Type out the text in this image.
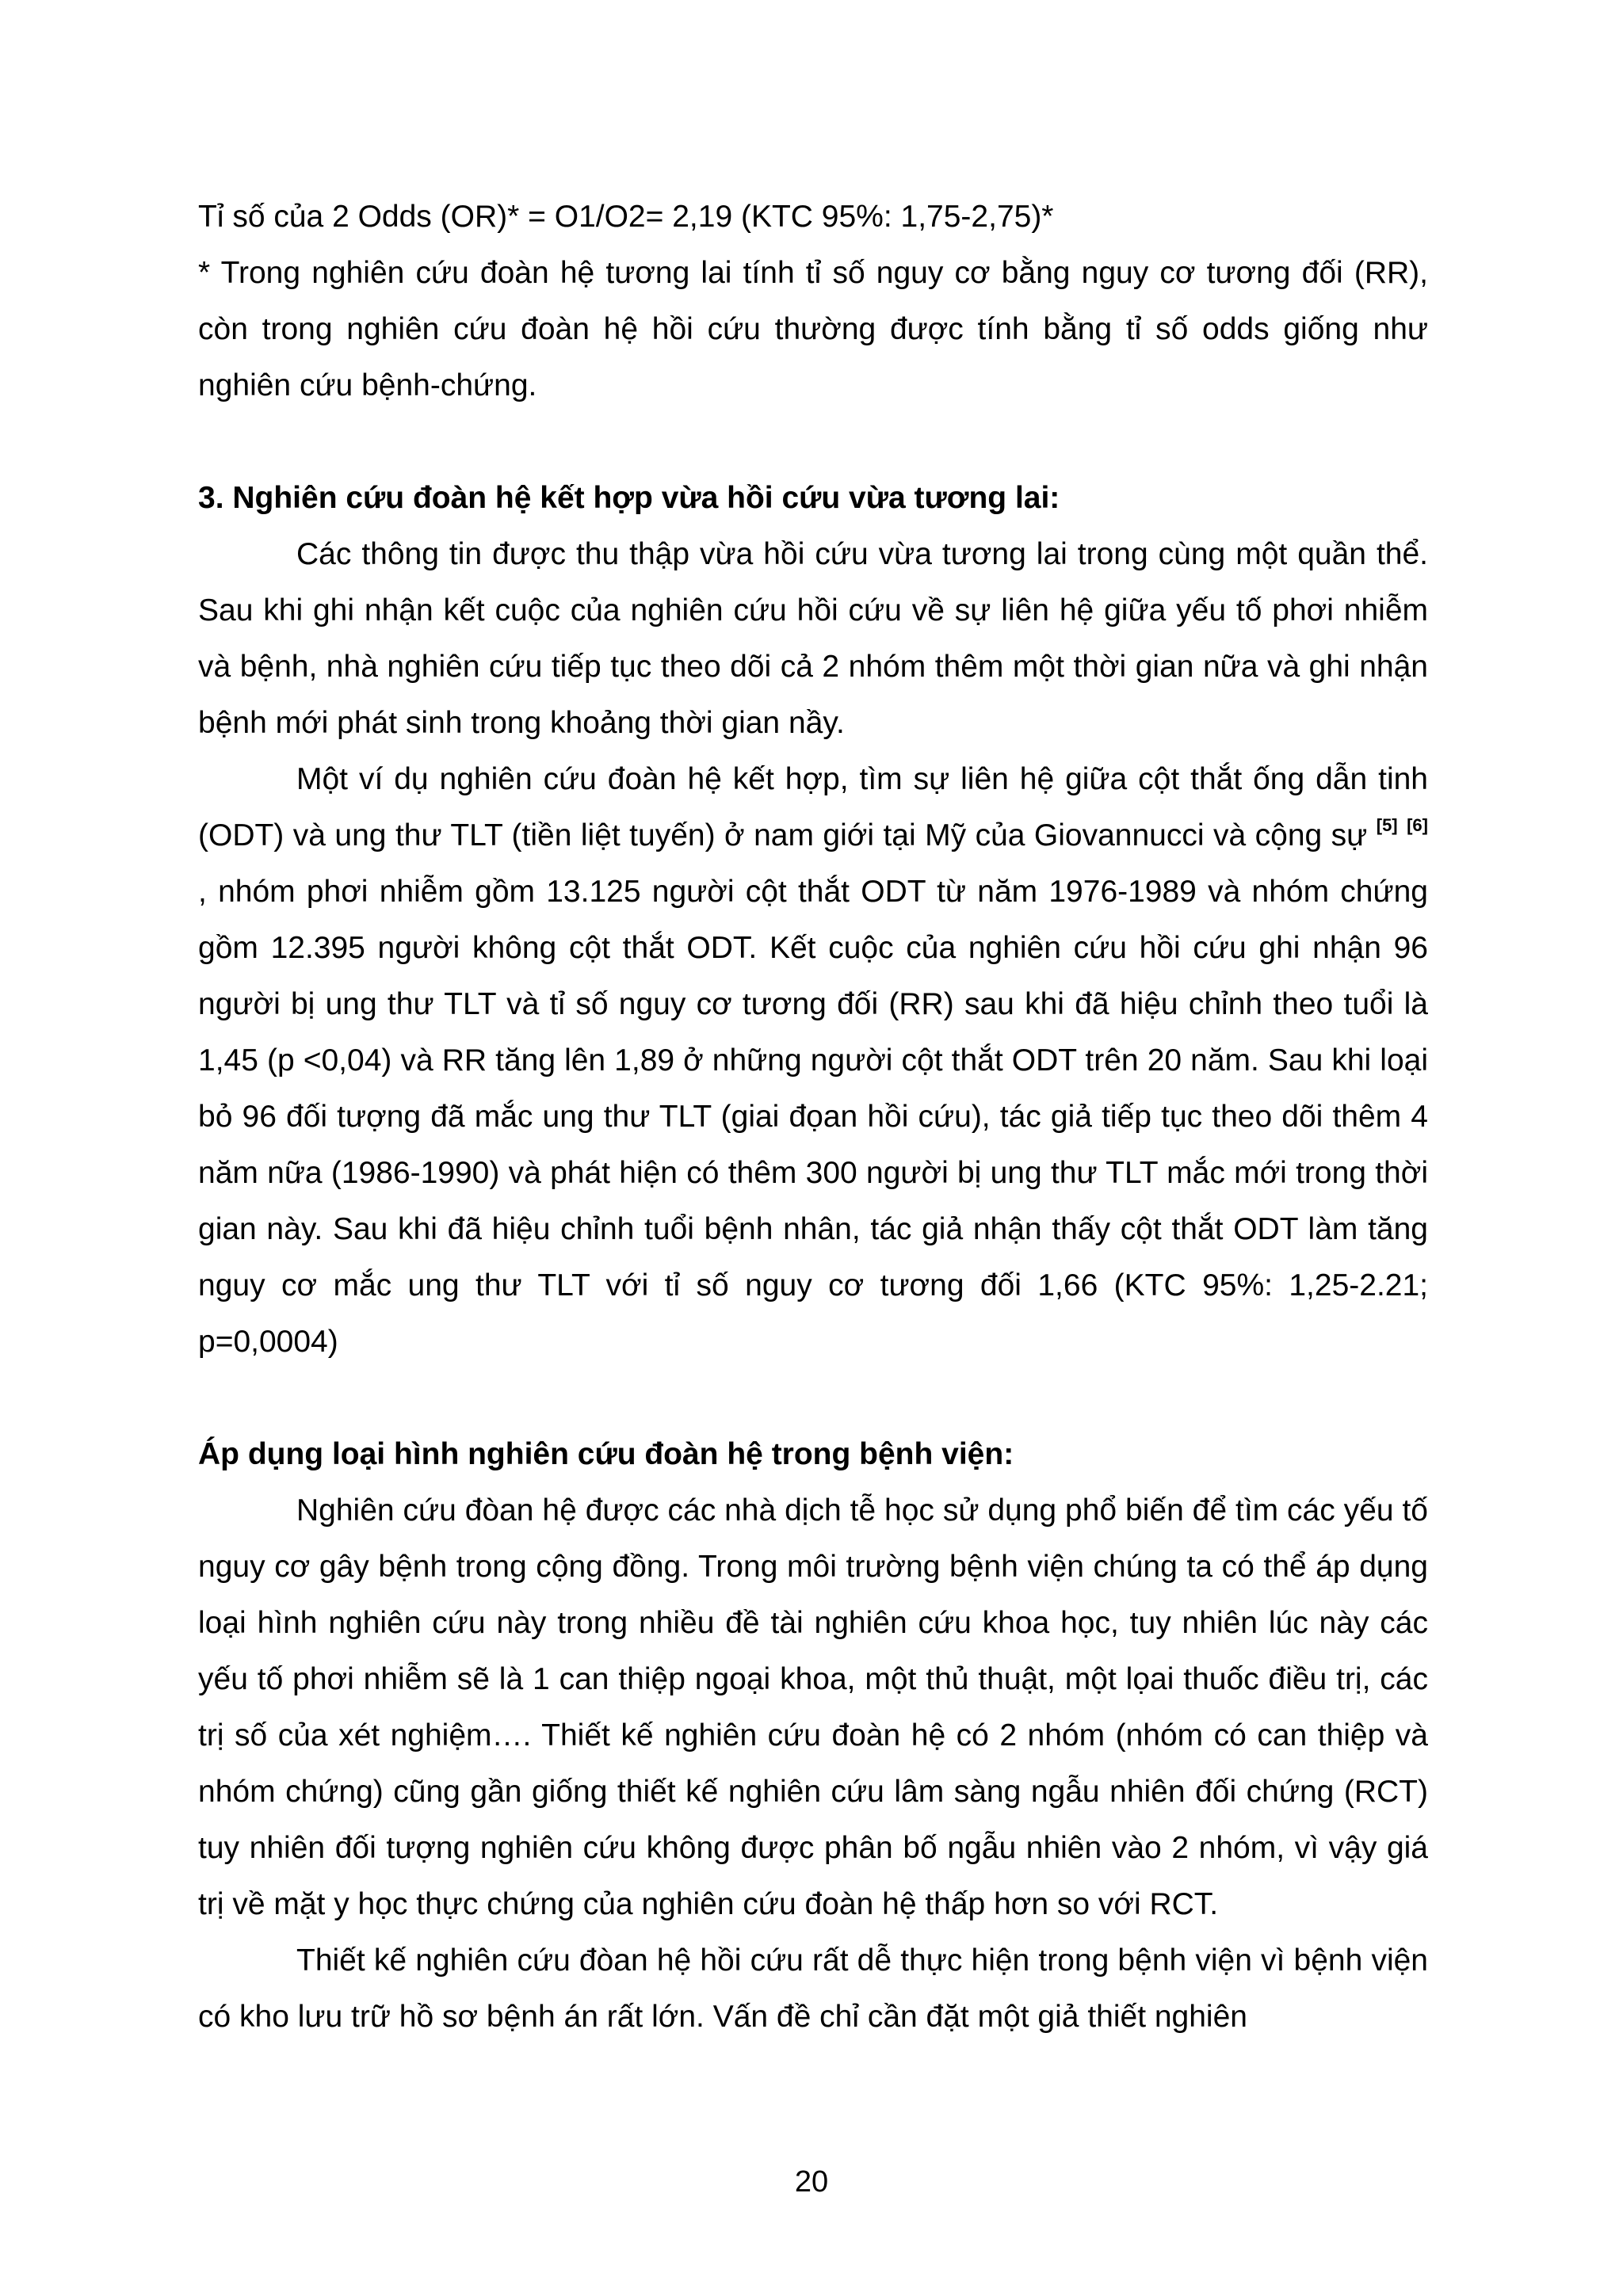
Tỉ số của 2 Odds (OR)* = O1/O2= 2,19 (KTC 95%: 1,75-2,75)*

* Trong nghiên cứu đoàn hệ tương lai tính tỉ số nguy cơ bằng nguy cơ tương đối (RR), còn trong nghiên cứu đoàn hệ hồi cứu thường được tính bằng tỉ số odds giống như nghiên cứu bệnh-chứng.

3. Nghiên cứu đoàn hệ kết hợp vừa hồi cứu vừa tương lai:

Các thông tin được thu thập vừa hồi cứu vừa tương lai trong cùng một quần thể. Sau khi ghi nhận kết cuộc của nghiên cứu hồi cứu về sự liên hệ giữa yếu tố phơi nhiễm và bệnh, nhà nghiên cứu tiếp tục theo dõi cả 2 nhóm thêm một thời gian nữa và ghi nhận bệnh mới phát sinh trong khoảng thời gian nầy.

Một ví dụ nghiên cứu đoàn hệ kết hợp, tìm sự liên hệ giữa cột thắt ống dẫn tinh (ODT) và ung thư TLT (tiền liệt tuyến) ở nam giới tại Mỹ của Giovannucci và cộng sự [5] [6] , nhóm phơi nhiễm gồm 13.125 người cột thắt ODT từ năm 1976-1989 và nhóm chứng gồm 12.395 người không cột thắt ODT. Kết cuộc của nghiên cứu hồi cứu ghi nhận 96 người bị ung thư TLT và tỉ số nguy cơ tương đối (RR) sau khi đã hiệu chỉnh theo tuổi là 1,45 (p <0,04) và RR tăng lên 1,89 ở những người cột thắt ODT trên 20 năm. Sau khi loại bỏ 96 đối tượng đã mắc ung thư TLT (giai đọan hồi cứu), tác giả tiếp tục theo dõi thêm 4 năm nữa (1986-1990) và phát hiện có thêm 300 người bị ung thư TLT mắc mới trong thời gian này. Sau khi đã hiệu chỉnh tuổi bệnh nhân, tác giả nhận thấy cột thắt ODT làm tăng nguy cơ mắc ung thư TLT với tỉ số nguy cơ tương đối 1,66 (KTC 95%: 1,25-2.21; p=0,0004)

Áp dụng loại hình nghiên cứu đoàn hệ trong bệnh viện:

Nghiên cứu đòan hệ được các nhà dịch tễ học sử dụng phổ biến để tìm các yếu tố nguy cơ gây bệnh trong cộng đồng. Trong môi trường bệnh viện chúng ta có thể áp dụng loại hình nghiên cứu này trong nhiều đề tài nghiên cứu khoa học, tuy nhiên lúc này các yếu tố phơi nhiễm sẽ là 1 can thiệp ngoại khoa, một thủ thuật, một lọai thuốc điều trị, các trị số của xét nghiệm…. Thiết kế nghiên cứu đoàn hệ có 2 nhóm (nhóm có can thiệp và nhóm chứng) cũng gần giống thiết kế nghiên cứu lâm sàng ngẫu nhiên đối chứng (RCT) tuy nhiên đối tượng nghiên cứu không được phân bố ngẫu nhiên vào 2 nhóm, vì vậy giá trị về mặt y học thực chứng của nghiên cứu đoàn hệ thấp hơn so với RCT.

Thiết kế nghiên cứu đòan hệ hồi cứu rất dễ thực hiện trong bệnh viện vì bệnh viện có kho lưu trữ hồ sơ bệnh án rất lớn. Vấn đề chỉ cần đặt một giả thiết nghiên

20
